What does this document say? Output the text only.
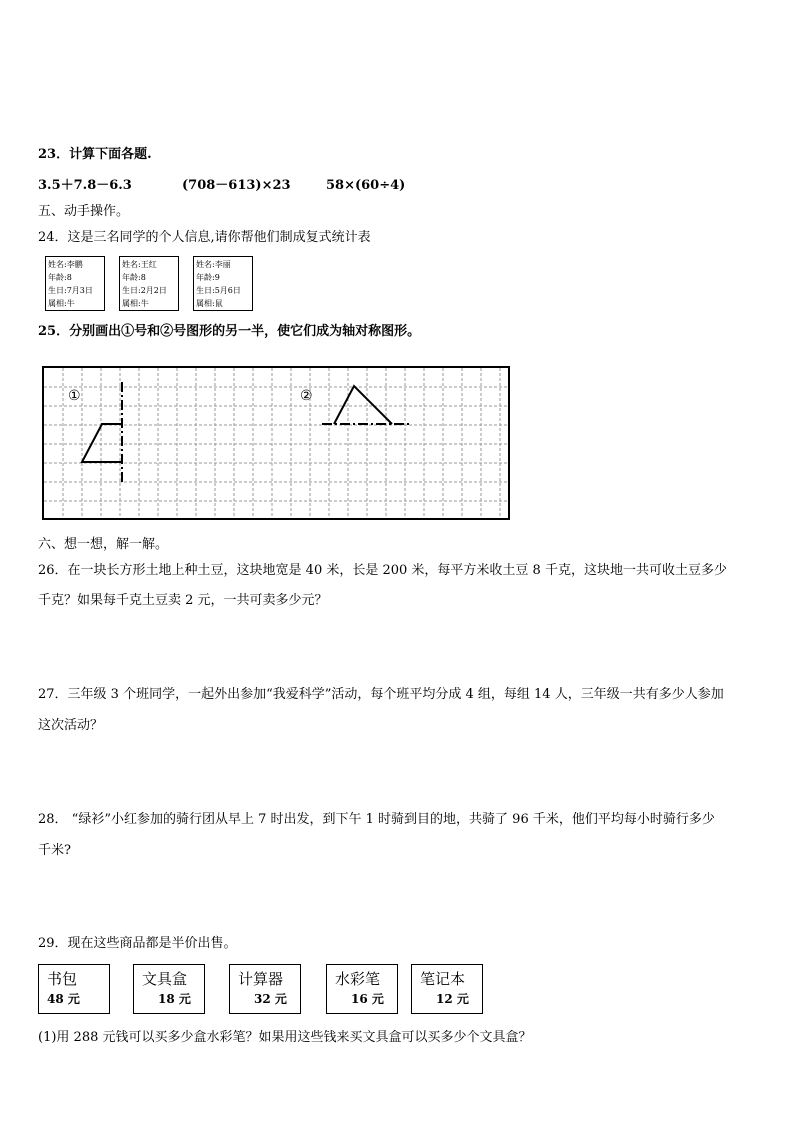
23．计算下面各题.
3.5＋7.8－6.3	(708－613)×23	58×(60÷4)
五、动手操作。
24．这是三名同学的个人信息,请你帮他们制成复式统计表
姓名:李鹏
年龄:8
生日:7月3日
属相:牛
姓名:王红
年龄:8
生日:2月2日
属相:牛
姓名:李丽
年龄:9
生日:5月6日
属相:鼠
25．分别画出①号和②号图形的另一半，使它们成为轴对称图形。
①	②
六、想一想，解一解。
26．在一块长方形土地上种土豆，这块地宽是 40 米，长是 200 米，每平方米收土豆 8 千克，这块地一共可收土豆多少
千克？如果每千克土豆卖 2 元，一共可卖多少元？
27．三年级 3 个班同学，一起外出参加“我爱科学”活动，每个班平均分成 4 组，每组 14 人，三年级一共有多少人参加
这次活动？
28． “绿衫”小红参加的骑行团从早上 7 时出发，到下午 1 时骑到目的地，共骑了 96 千米，他们平均每小时骑行多少
千米?
29．现在这些商品都是半价出售。
书包
48 元
文具盒
18 元
计算器
32 元
水彩笔
16 元
笔记本
12 元
(1)用 288 元钱可以买多少盒水彩笔？如果用这些钱来买文具盒可以买多少个文具盒？
